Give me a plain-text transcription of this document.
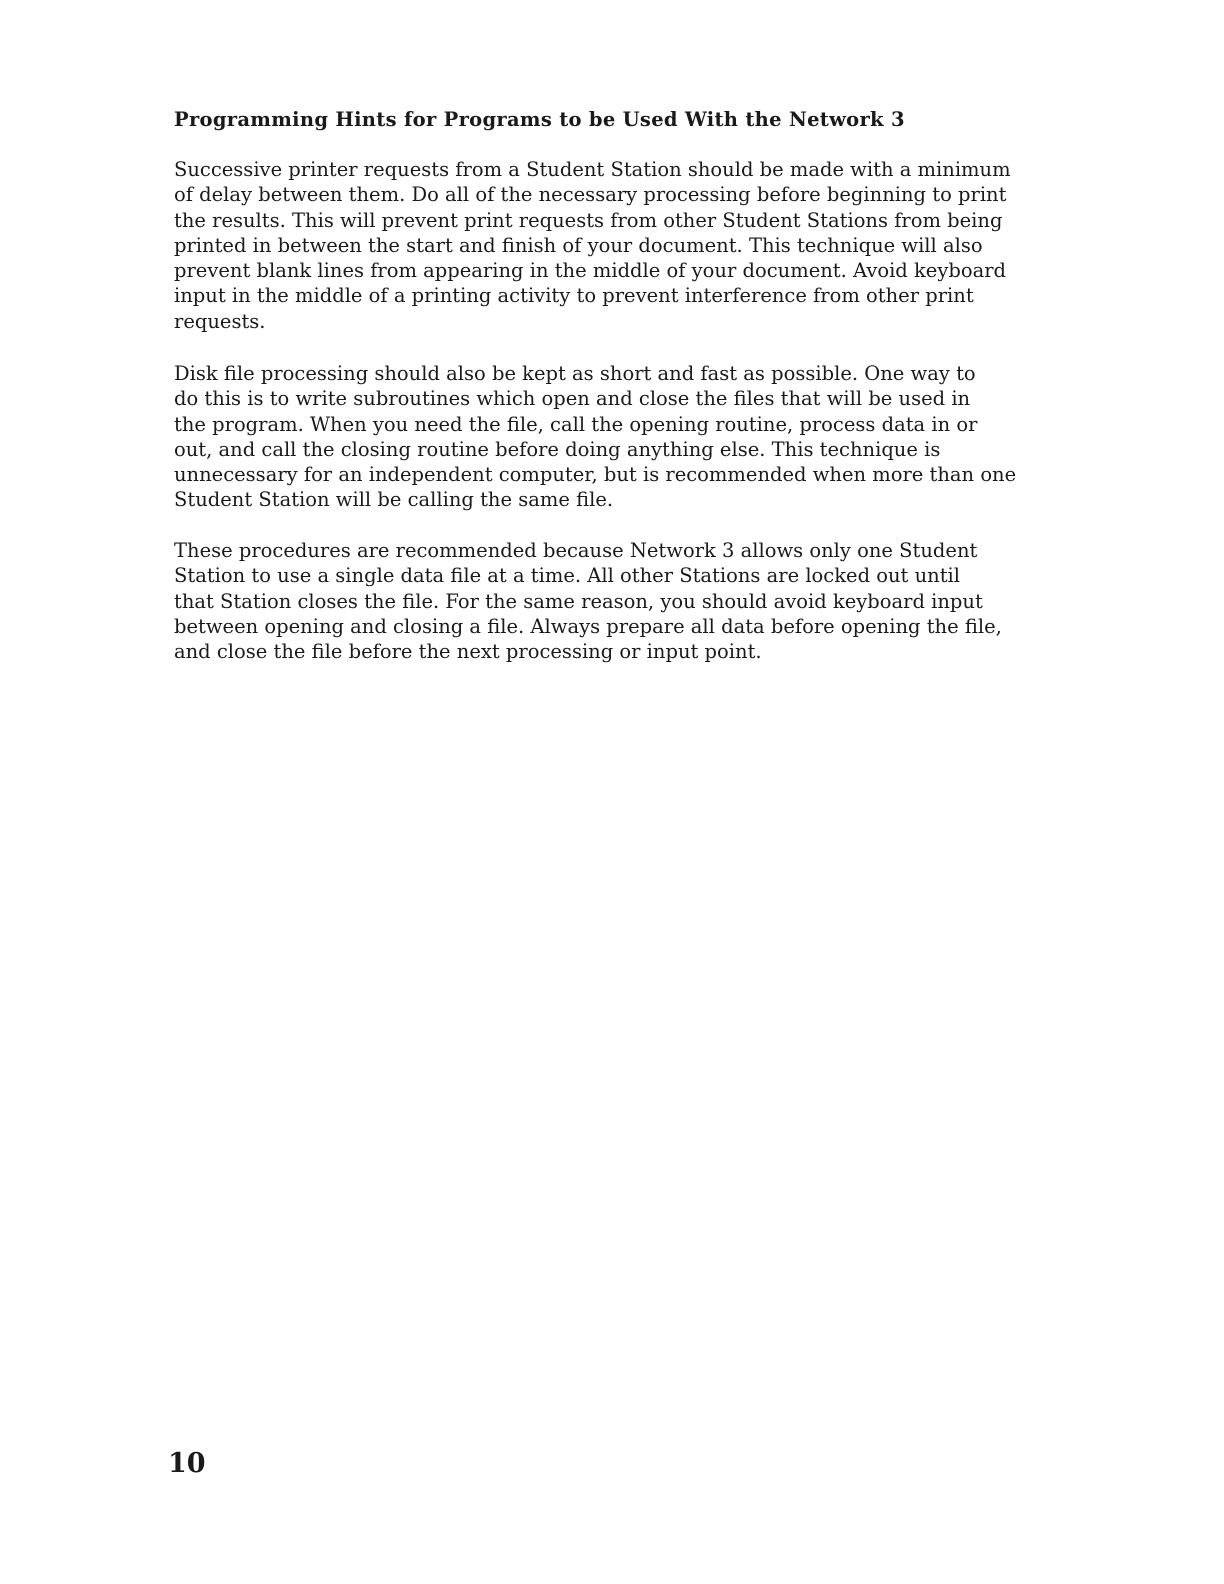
Programming Hints for Programs to be Used With the Network 3

Successive printer requests from a Student Station should be made with a minimum
of delay between them. Do all of the necessary processing before beginning to print
the results. This will prevent print requests from other Student Stations from being
printed in between the start and finish of your document. This technique will also
prevent blank lines from appearing in the middle of your document. Avoid keyboard
input in the middle of a printing activity to prevent interference from other print
requests.

Disk file processing should also be kept as short and fast as possible. One way to
do this is to write subroutines which open and close the files that will be used in
the program. When you need the file, call the opening routine, process data in or
out, and call the closing routine before doing anything else. This technique is
unnecessary for an independent computer, but is recommended when more than one
Student Station will be calling the same file.

These procedures are recommended because Network 3 allows only one Student
Station to use a single data file at a time. All other Stations are locked out until
that Station closes the file. For the same reason, you should avoid keyboard input
between opening and closing a file. Always prepare all data before opening the file,
and close the file before the next processing or input point.

10
